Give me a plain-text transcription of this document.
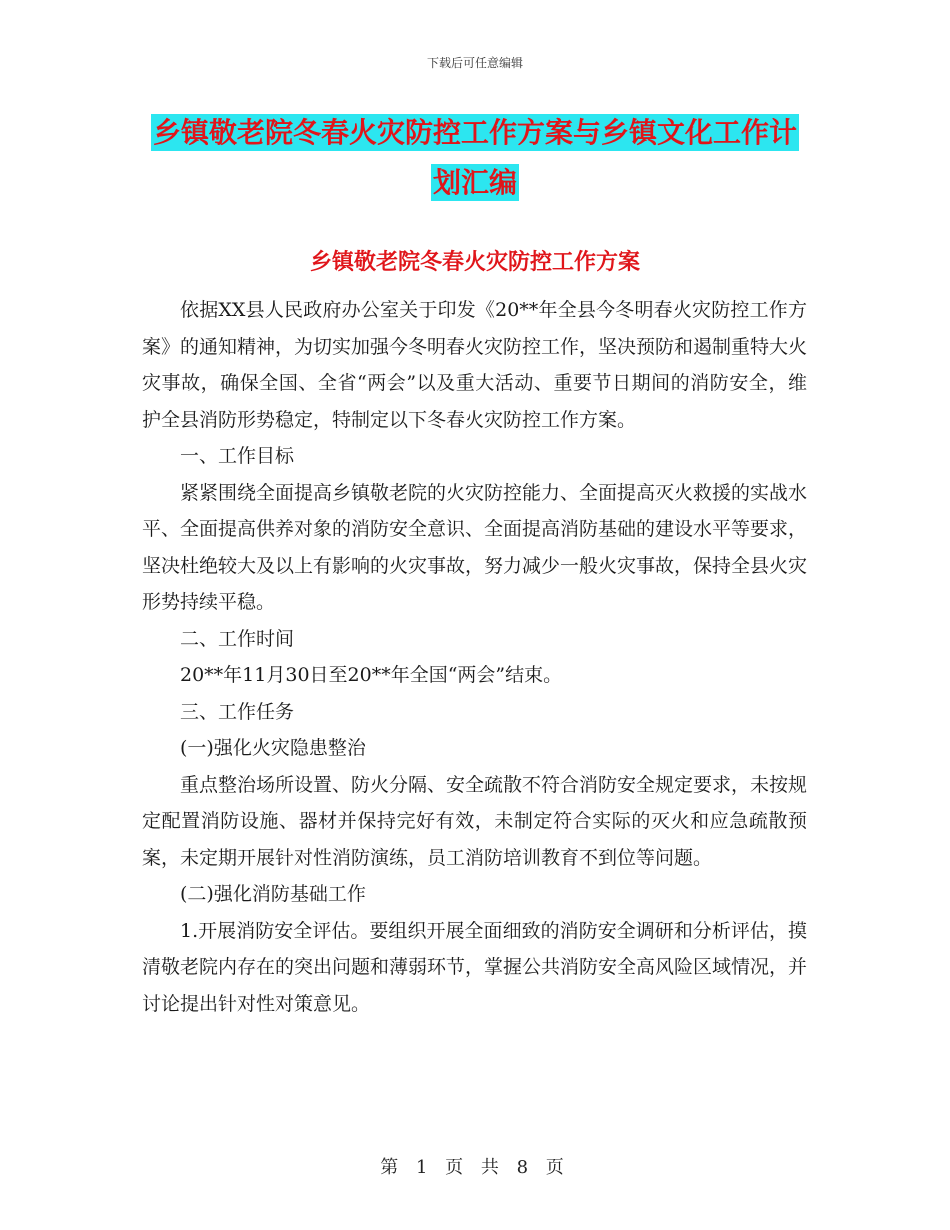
下载后可任意编辑
乡镇敬老院冬春火灾防控工作方案与乡镇文化工作计划汇编
乡镇敬老院冬春火灾防控工作方案

依据XX县人民政府办公室关于印发《20**年全县今冬明春火灾防控工作方案》的通知精神，为切实加强今冬明春火灾防控工作，坚决预防和遏制重特大火灾事故，确保全国、全省“两会”以及重大活动、重要节日期间的消防安全，维护全县消防形势稳定，特制定以下冬春火灾防控工作方案。

一、工作目标

紧紧围绕全面提高乡镇敬老院的火灾防控能力、全面提高灭火救援的实战水平、全面提高供养对象的消防安全意识、全面提高消防基础的建设水平等要求，坚决杜绝较大及以上有影响的火灾事故，努力减少一般火灾事故，保持全县火灾形势持续平稳。

二、工作时间

20**年11月30日至20**年全国“两会”结束。

三、工作任务

(一)强化火灾隐患整治

重点整治场所设置、防火分隔、安全疏散不符合消防安全规定要求，未按规定配置消防设施、器材并保持完好有效，未制定符合实际的灭火和应急疏散预案，未定期开展针对性消防演练，员工消防培训教育不到位等问题。

(二)强化消防基础工作

1.开展消防安全评估。要组织开展全面细致的消防安全调研和分析评估，摸清敬老院内存在的突出问题和薄弱环节，掌握公共消防安全高风险区域情况，并讨论提出针对性对策意见。

第 1 页 共 8 页
